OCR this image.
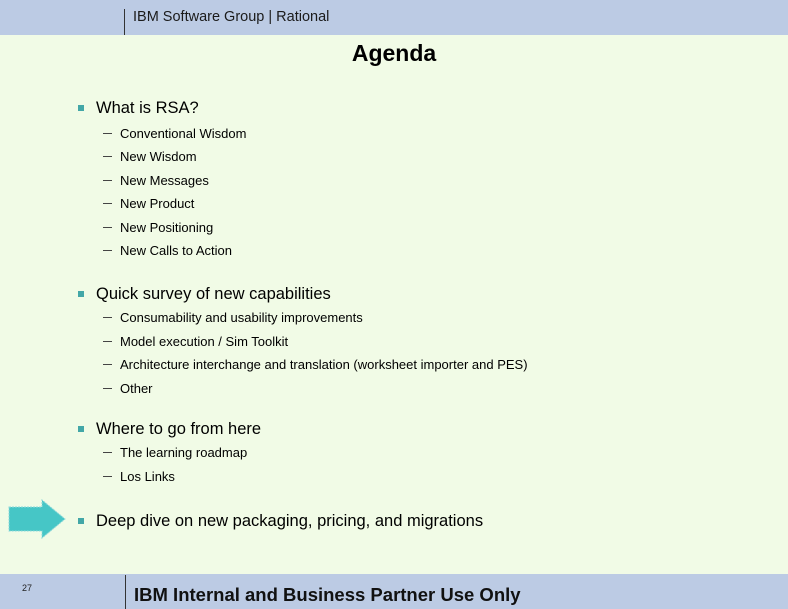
IBM Software Group | Rational
Agenda
What is RSA?
Conventional Wisdom
New Wisdom
New Messages
New Product
New Positioning
New Calls to Action
Quick survey of new capabilities
Consumability and usability improvements
Model execution / Sim Toolkit
Architecture interchange and translation (worksheet importer and PES)
Other
Where to go from here
The learning roadmap
Los Links
Deep dive on new packaging, pricing, and migrations
27	IBM Internal and Business Partner Use Only
